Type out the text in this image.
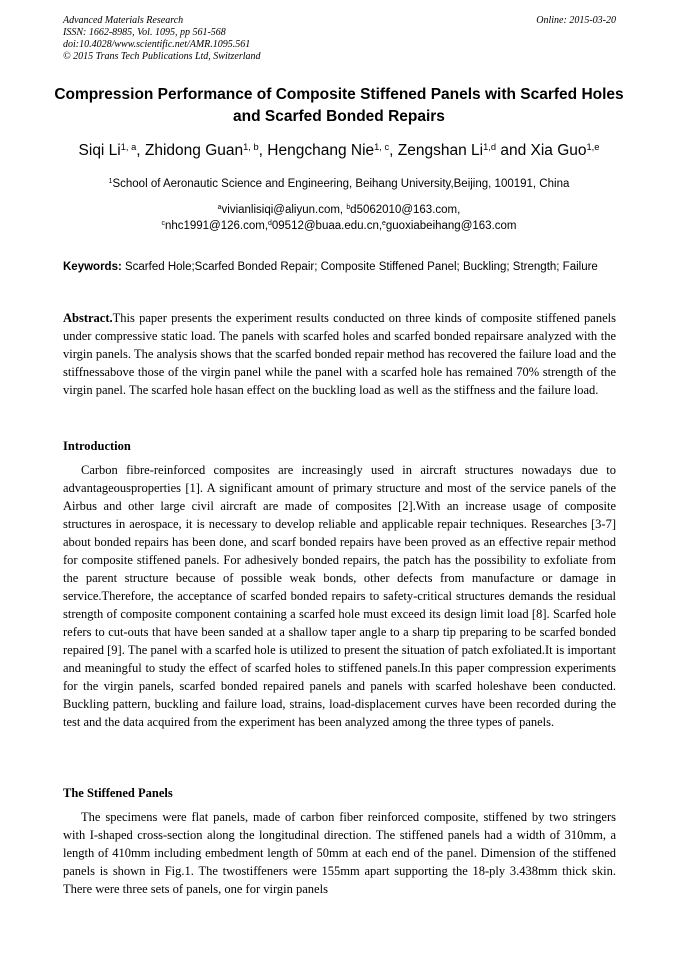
Advanced Materials Research
ISSN: 1662-8985, Vol. 1095, pp 561-568
doi:10.4028/www.scientific.net/AMR.1095.561
© 2015 Trans Tech Publications Ltd, Switzerland
Online: 2015-03-20
Compression Performance of Composite Stiffened Panels with Scarfed Holes and Scarfed Bonded Repairs
Siqi Li$^{1, a}$, Zhidong Guan$^{1, b}$, Hengchang Nie$^{1, c}$, Zengshan Li$^{1,d}$ and Xia Guo$^{1,e}$
$^1$School of Aeronautic Science and Engineering, Beihang University,Beijing, 100191, China
$^a$vivianlisiqi@aliyun.com, $^b$d5062010@163.com,
$^c$nhc1991@126.com,$^d$09512@buaa.edu.cn,$^e$guoxiabeihang@163.com
Keywords: Scarfed Hole;Scarfed Bonded Repair; Composite Stiffened Panel; Buckling; Strength; Failure
Abstract.This paper presents the experiment results conducted on three kinds of composite stiffened panels under compressive static load. The panels with scarfed holes and scarfed bonded repairsare analyzed with the virgin panels. The analysis shows that the scarfed bonded repair method has recovered the failure load and the stiffnessabove those of the virgin panel while the panel with a scarfed hole has remained 70% strength of the virgin panel. The scarfed hole hasan effect on the buckling load as well as the stiffness and the failure load.
Introduction
Carbon fibre-reinforced composites are increasingly used in aircraft structures nowadays due to advantageousproperties [1]. A significant amount of primary structure and most of the service panels of the Airbus and other large civil aircraft are made of composites [2].With an increase usage of composite structures in aerospace, it is necessary to develop reliable and applicable repair techniques. Researches [3-7] about bonded repairs has been done, and scarf bonded repairs have been proved as an effective repair method for composite stiffened panels. For adhesively bonded repairs, the patch has the possibility to exfoliate from the parent structure because of possible weak bonds, other defects from manufacture or damage in service.Therefore, the acceptance of scarfed bonded repairs to safety-critical structures demands the residual strength of composite component containing a scarfed hole must exceed its design limit load [8]. Scarfed hole refers to cut-outs that have been sanded at a shallow taper angle to a sharp tip preparing to be scarfed bonded repaired [9]. The panel with a scarfed hole is utilized to present the situation of patch exfoliated.It is important and meaningful to study the effect of scarfed holes to stiffened panels.In this paper compression experiments for the virgin panels, scarfed bonded repaired panels and panels with scarfed holeshave been conducted. Buckling pattern, buckling and failure load, strains, load-displacement curves have been recorded during the test and the data acquired from the experiment has been analyzed among the three types of panels.
The Stiffened Panels
The specimens were flat panels, made of carbon fiber reinforced composite, stiffened by two stringers with I-shaped cross-section along the longitudinal direction. The stiffened panels had a width of 310mm, a length of 410mm including embedment length of 50mm at each end of the panel. Dimension of the stiffened panels is shown in Fig.1. The twostiffeners were 155mm apart supporting the 18-ply 3.438mm thick skin. There were three sets of panels, one for virgin panels
